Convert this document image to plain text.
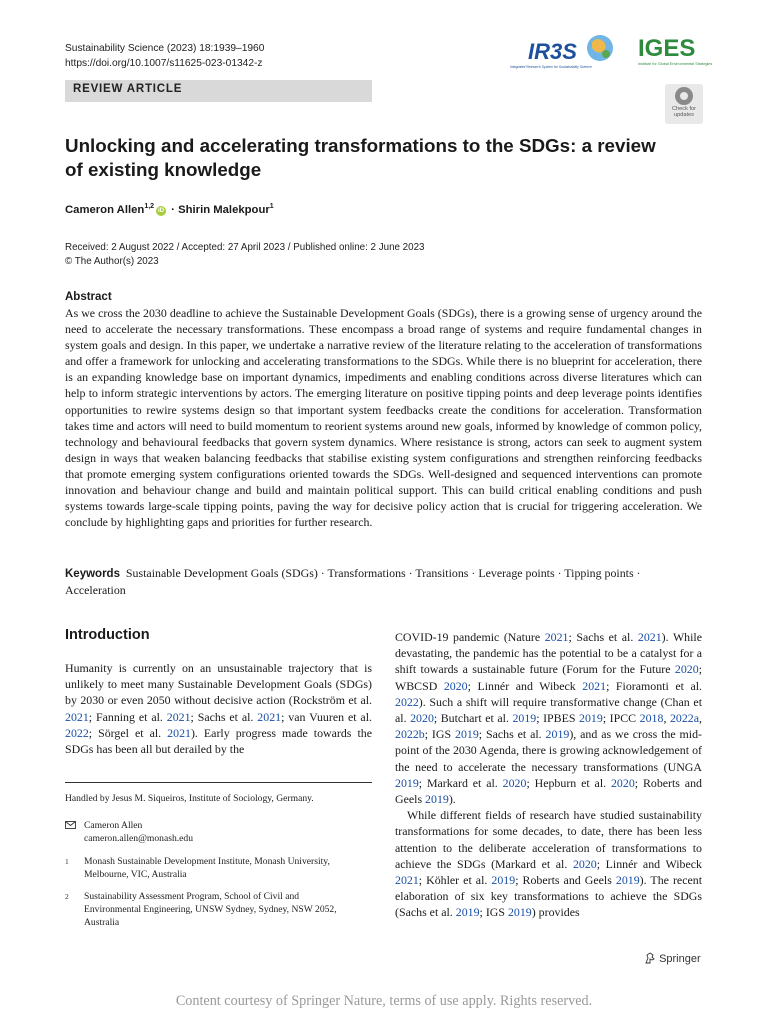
Sustainability Science (2023) 18:1939–1960
https://doi.org/10.1007/s11625-023-01342-z
REVIEW ARTICLE
IR3S
Integrated Research System for Sustainability Science
IGES
Institute for Global Environmental Strategies
Check for updates
Unlocking and accelerating transformations to the SDGs: a review of existing knowledge
Cameron Allen$^{1,2}$iD · Shirin Malekpour$^1$
Received: 2 August 2022 / Accepted: 27 April 2023 / Published online: 2 June 2023
© The Author(s) 2023
Abstract
As we cross the 2030 deadline to achieve the Sustainable Development Goals (SDGs), there is a growing sense of urgency around the need to accelerate the necessary transformations. These encompass a broad range of systems and require fundamental changes in system goals and design. In this paper, we undertake a narrative review of the literature relating to the acceleration of transformations and offer a framework for unlocking and accelerating transformations to the SDGs. While there is no blueprint for acceleration, there is an expanding knowledge base on important dynamics, impediments and enabling conditions across diverse literatures which can help to inform strategic interventions by actors. The emerging literature on positive tipping points and deep leverage points identifies opportunities to rewire systems design so that important system feedbacks create the conditions for acceleration. Transformation takes time and actors will need to build momentum to reorient systems around new goals, informed by knowledge of common policy, technology and behavioural feedbacks that govern system dynamics. Where resistance is strong, actors can seek to augment system design in ways that weaken balancing feedbacks that stabilise existing system configurations and strengthen reinforcing feedbacks that promote emerging system configurations oriented towards the SDGs. Well-designed and sequenced interventions can promote innovation and behaviour change and build and maintain political support. This can build critical enabling conditions and push systems towards large-scale tipping points, paving the way for decisive policy action that is crucial for triggering acceleration. We conclude by highlighting gaps and priorities for further research.
Keywords Sustainable Development Goals (SDGs) · Transformations · Transitions · Leverage points · Tipping points · Acceleration
Introduction
Humanity is currently on an unsustainable trajectory that is unlikely to meet many Sustainable Development Goals (SDGs) by 2030 or even 2050 without decisive action (Rockström et al. 2021; Fanning et al. 2021; Sachs et al. 2021; van Vuuren et al. 2022; Sörgel et al. 2021). Early progress made towards the SDGs has been all but derailed by the

COVID-19 pandemic (Nature 2021; Sachs et al. 2021). While devastating, the pandemic has the potential to be a catalyst for a shift towards a sustainable future (Forum for the Future 2020; WBCSD 2020; Linnér and Wibeck 2021; Fioramonti et al. 2022). Such a shift will require transformative change (Chan et al. 2020; Butchart et al. 2019; IPBES 2019; IPCC 2018, 2022a, 2022b; IGS 2019; Sachs et al. 2019), and as we cross the mid-point of the 2030 Agenda, there is growing acknowledgement of the need to accelerate the necessary transformations (UNGA 2019; Markard et al. 2020; Hepburn et al. 2020; Roberts and Geels 2019).

While different fields of research have studied sustainability transformations for some decades, to date, there has been less attention to the deliberate acceleration of transformations to achieve the SDGs (Markard et al. 2020; Linnér and Wibeck 2021; Köhler et al. 2019; Roberts and Geels 2019). The recent elaboration of six key transformations to achieve the SDGs (Sachs et al. 2019; IGS 2019) provides

Handled by Jesus M. Siqueiros, Institute of Sociology, Germany.
Cameron Allen
cameron.allen@monash.edu
1 Monash Sustainable Development Institute, Monash University, Melbourne, VIC, Australia
2 Sustainability Assessment Program, School of Civil and Environmental Engineering, UNSW Sydney, Sydney, NSW 2052, Australia
Springer
Content courtesy of Springer Nature, terms of use apply. Rights reserved.
